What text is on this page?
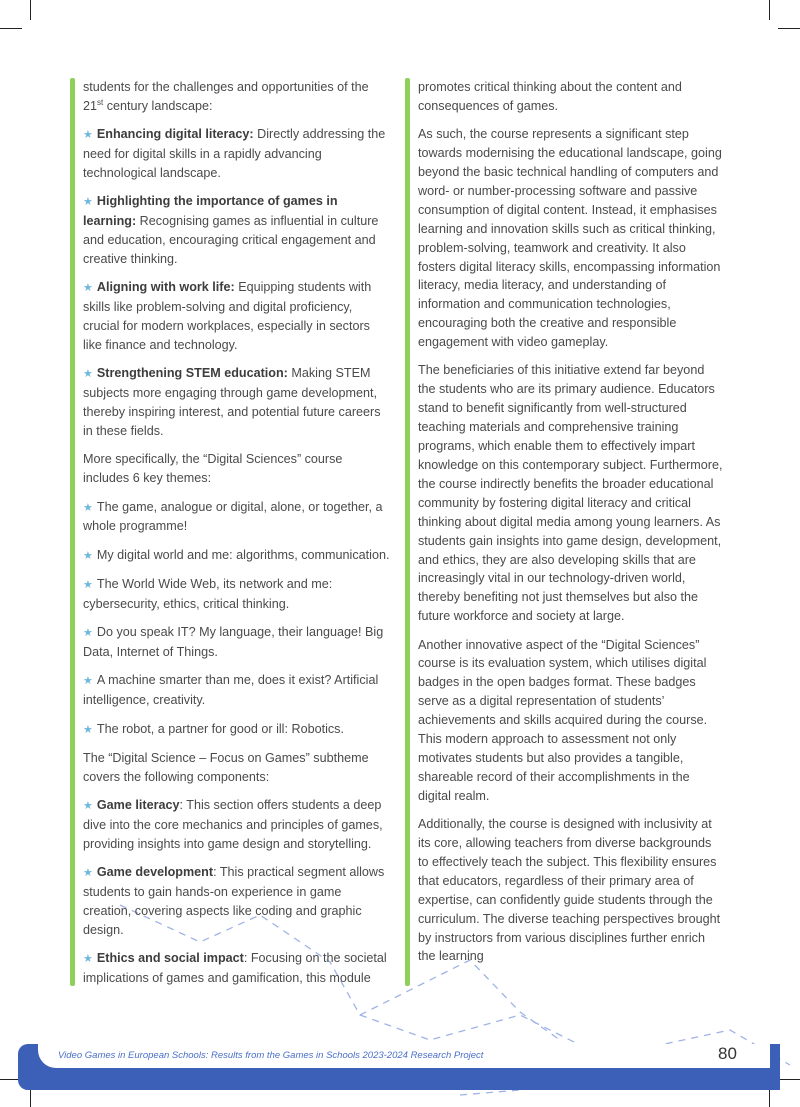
students for the challenges and opportunities of the
21st century landscape:

★ Enhancing digital literacy: Directly addressing the need for digital skills in a rapidly advancing technological landscape.

★ Highlighting the importance of games in learning: Recognising games as influential in culture and education, encouraging critical engagement and creative thinking.

★ Aligning with work life: Equipping students with skills like problem-solving and digital proficiency, crucial for modern workplaces, especially in sectors like finance and technology.

★ Strengthening STEM education: Making STEM subjects more engaging through game development, thereby inspiring interest, and potential future careers in these fields.

More specifically, the “Digital Sciences” course includes 6 key themes:

★ The game, analogue or digital, alone, or together, a whole programme!

★ My digital world and me: algorithms, communication.

★ The World Wide Web, its network and me: cybersecurity, ethics, critical thinking.

★ Do you speak IT? My language, their language! Big Data, Internet of Things.

★ A machine smarter than me, does it exist? Artificial intelligence, creativity.

★ The robot, a partner for good or ill: Robotics.

The “Digital Science – Focus on Games” subtheme covers the following components:

★ Game literacy: This section offers students a deep dive into the core mechanics and principles of games, providing insights into game design and storytelling.

★ Game development: This practical segment allows students to gain hands-on experience in game creation, covering aspects like coding and graphic design.

★ Ethics and social impact: Focusing on the societal implications of games and gamification, this module

promotes critical thinking about the content and consequences of games.

As such, the course represents a significant step towards modernising the educational landscape, going beyond the basic technical handling of computers and word- or number-processing software and passive consumption of digital content. Instead, it emphasises learning and innovation skills such as critical thinking, problem-solving, teamwork and creativity. It also fosters digital literacy skills, encompassing information literacy, media literacy, and understanding of information and communication technologies, encouraging both the creative and responsible engagement with video gameplay.

The beneficiaries of this initiative extend far beyond the students who are its primary audience. Educators stand to benefit significantly from well-structured teaching materials and comprehensive training programs, which enable them to effectively impart knowledge on this contemporary subject. Furthermore, the course indirectly benefits the broader educational community by fostering digital literacy and critical thinking about digital media among young learners. As students gain insights into game design, development, and ethics, they are also developing skills that are increasingly vital in our technology-driven world, thereby benefiting not just themselves but also the future workforce and society at large.

Another innovative aspect of the “Digital Sciences” course is its evaluation system, which utilises digital badges in the open badges format. These badges serve as a digital representation of students’ achievements and skills acquired during the course. This modern approach to assessment not only motivates students but also provides a tangible, shareable record of their accomplishments in the digital realm.

Additionally, the course is designed with inclusivity at its core, allowing teachers from diverse backgrounds to effectively teach the subject. This flexibility ensures that educators, regardless of their primary area of expertise, can confidently guide students through the curriculum. The diverse teaching perspectives brought by instructors from various disciplines further enrich the learning

Video Games in European Schools: Results from the Games in Schools 2023-2024 Research Project	80
